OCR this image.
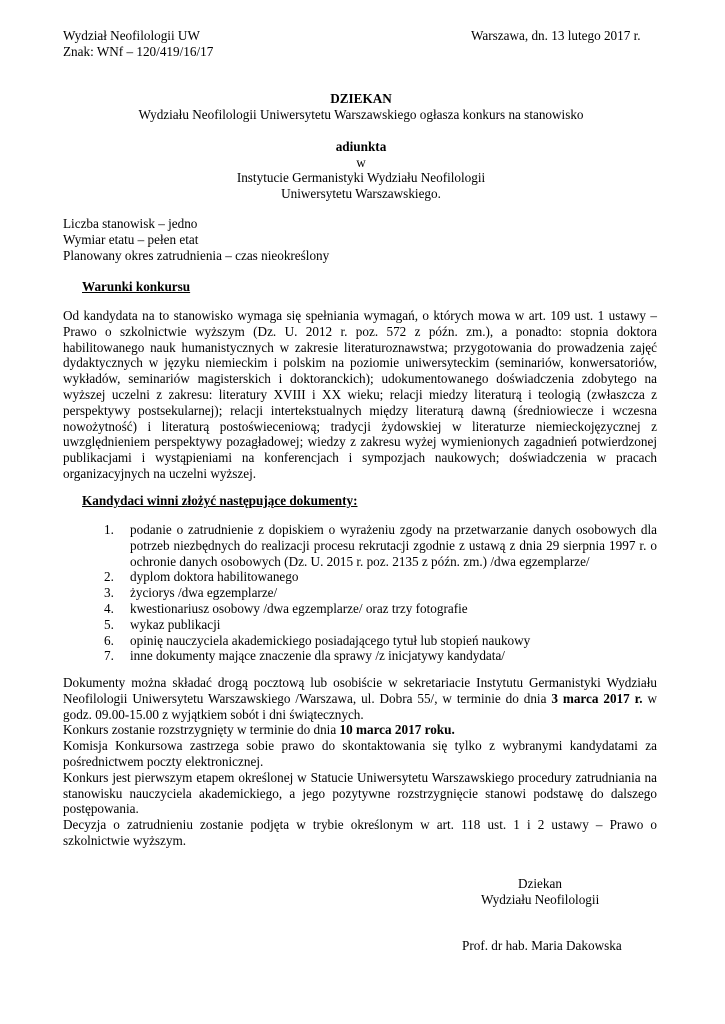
Wydział Neofilologii UW
Znak: WNf – 120/419/16/17
Warszawa, dn. 13 lutego 2017 r.
DZIEKAN
Wydziału Neofilologii Uniwersytetu Warszawskiego ogłasza konkurs na stanowisko
adiunkta
w
Instytucie Germanistyki Wydziału Neofilologii
Uniwersytetu Warszawskiego.
Liczba stanowisk – jedno
Wymiar etatu – pełen etat
Planowany okres zatrudnienia – czas nieokreślony
Warunki konkursu

Od kandydata na to stanowisko wymaga się spełniania wymagań, o których mowa w art. 109 ust. 1 ustawy – Prawo o szkolnictwie wyższym (Dz. U. 2012 r. poz. 572 z późn. zm.), a ponadto: stopnia doktora habilitowanego nauk humanistycznych w zakresie literaturoznawstwa; przygotowania do prowadzenia zajęć dydaktycznych w języku niemieckim i polskim na poziomie uniwersyteckim (seminariów, konwersatoriów, wykładów, seminariów magisterskich i doktoranckich); udokumentowanego doświadczenia zdobytego na wyższej uczelni z zakresu: literatury XVIII i XX wieku; relacji miedzy literaturą i teologią (zwłaszcza z perspektywy postsekularnej); relacji intertekstualnych między literaturą dawną (średniowiecze i wczesna nowożytność) i literaturą postoświeceniową; tradycji żydowskiej w literaturze niemieckojęzycznej z uwzględnieniem perspektywy pozagładowej; wiedzy z zakresu wyżej wymienionych zagadnień potwierdzonej publikacjami i wystąpieniami na konferencjach i sympozjach naukowych; doświadczenia w pracach organizacyjnych na uczelni wyższej.

Kandydaci winni złożyć następujące dokumenty:
1. podanie o zatrudnienie z dopiskiem o wyrażeniu zgody na przetwarzanie danych osobowych dla potrzeb niezbędnych do realizacji procesu rekrutacji zgodnie z ustawą z dnia 29 sierpnia 1997 r. o ochronie danych osobowych (Dz. U. 2015 r. poz. 2135 z późn. zm.) /dwa egzemplarze/
2. dyplom doktora habilitowanego
3. życiorys /dwa egzemplarze/
4. kwestionariusz osobowy /dwa egzemplarze/ oraz trzy fotografie
5. wykaz publikacji
6. opinię nauczyciela akademickiego posiadającego tytuł lub stopień naukowy
7. inne dokumenty mające znaczenie dla sprawy /z inicjatywy kandydata/

Dokumenty można składać drogą pocztową lub osobiście w sekretariacie Instytutu Germanistyki Wydziału Neofilologii Uniwersytetu Warszawskiego /Warszawa, ul. Dobra 55/, w terminie do dnia 3 marca 2017 r. w godz. 09.00-15.00 z wyjątkiem sobót i dni świątecznych.

Konkurs zostanie rozstrzygnięty w terminie do dnia 10 marca 2017 roku.

Komisja Konkursowa zastrzega sobie prawo do skontaktowania się tylko z wybranymi kandydatami za pośrednictwem poczty elektronicznej.

Konkurs jest pierwszym etapem określonej w Statucie Uniwersytetu Warszawskiego procedury zatrudniania na stanowisku nauczyciela akademickiego, a jego pozytywne rozstrzygnięcie stanowi podstawę do dalszego postępowania.

Decyzja o zatrudnieniu zostanie podjęta w trybie określonym w art. 118 ust. 1 i 2 ustawy – Prawo o szkolnictwie wyższym.

Dziekan
Wydziału Neofilologii
Prof. dr hab. Maria Dakowska
